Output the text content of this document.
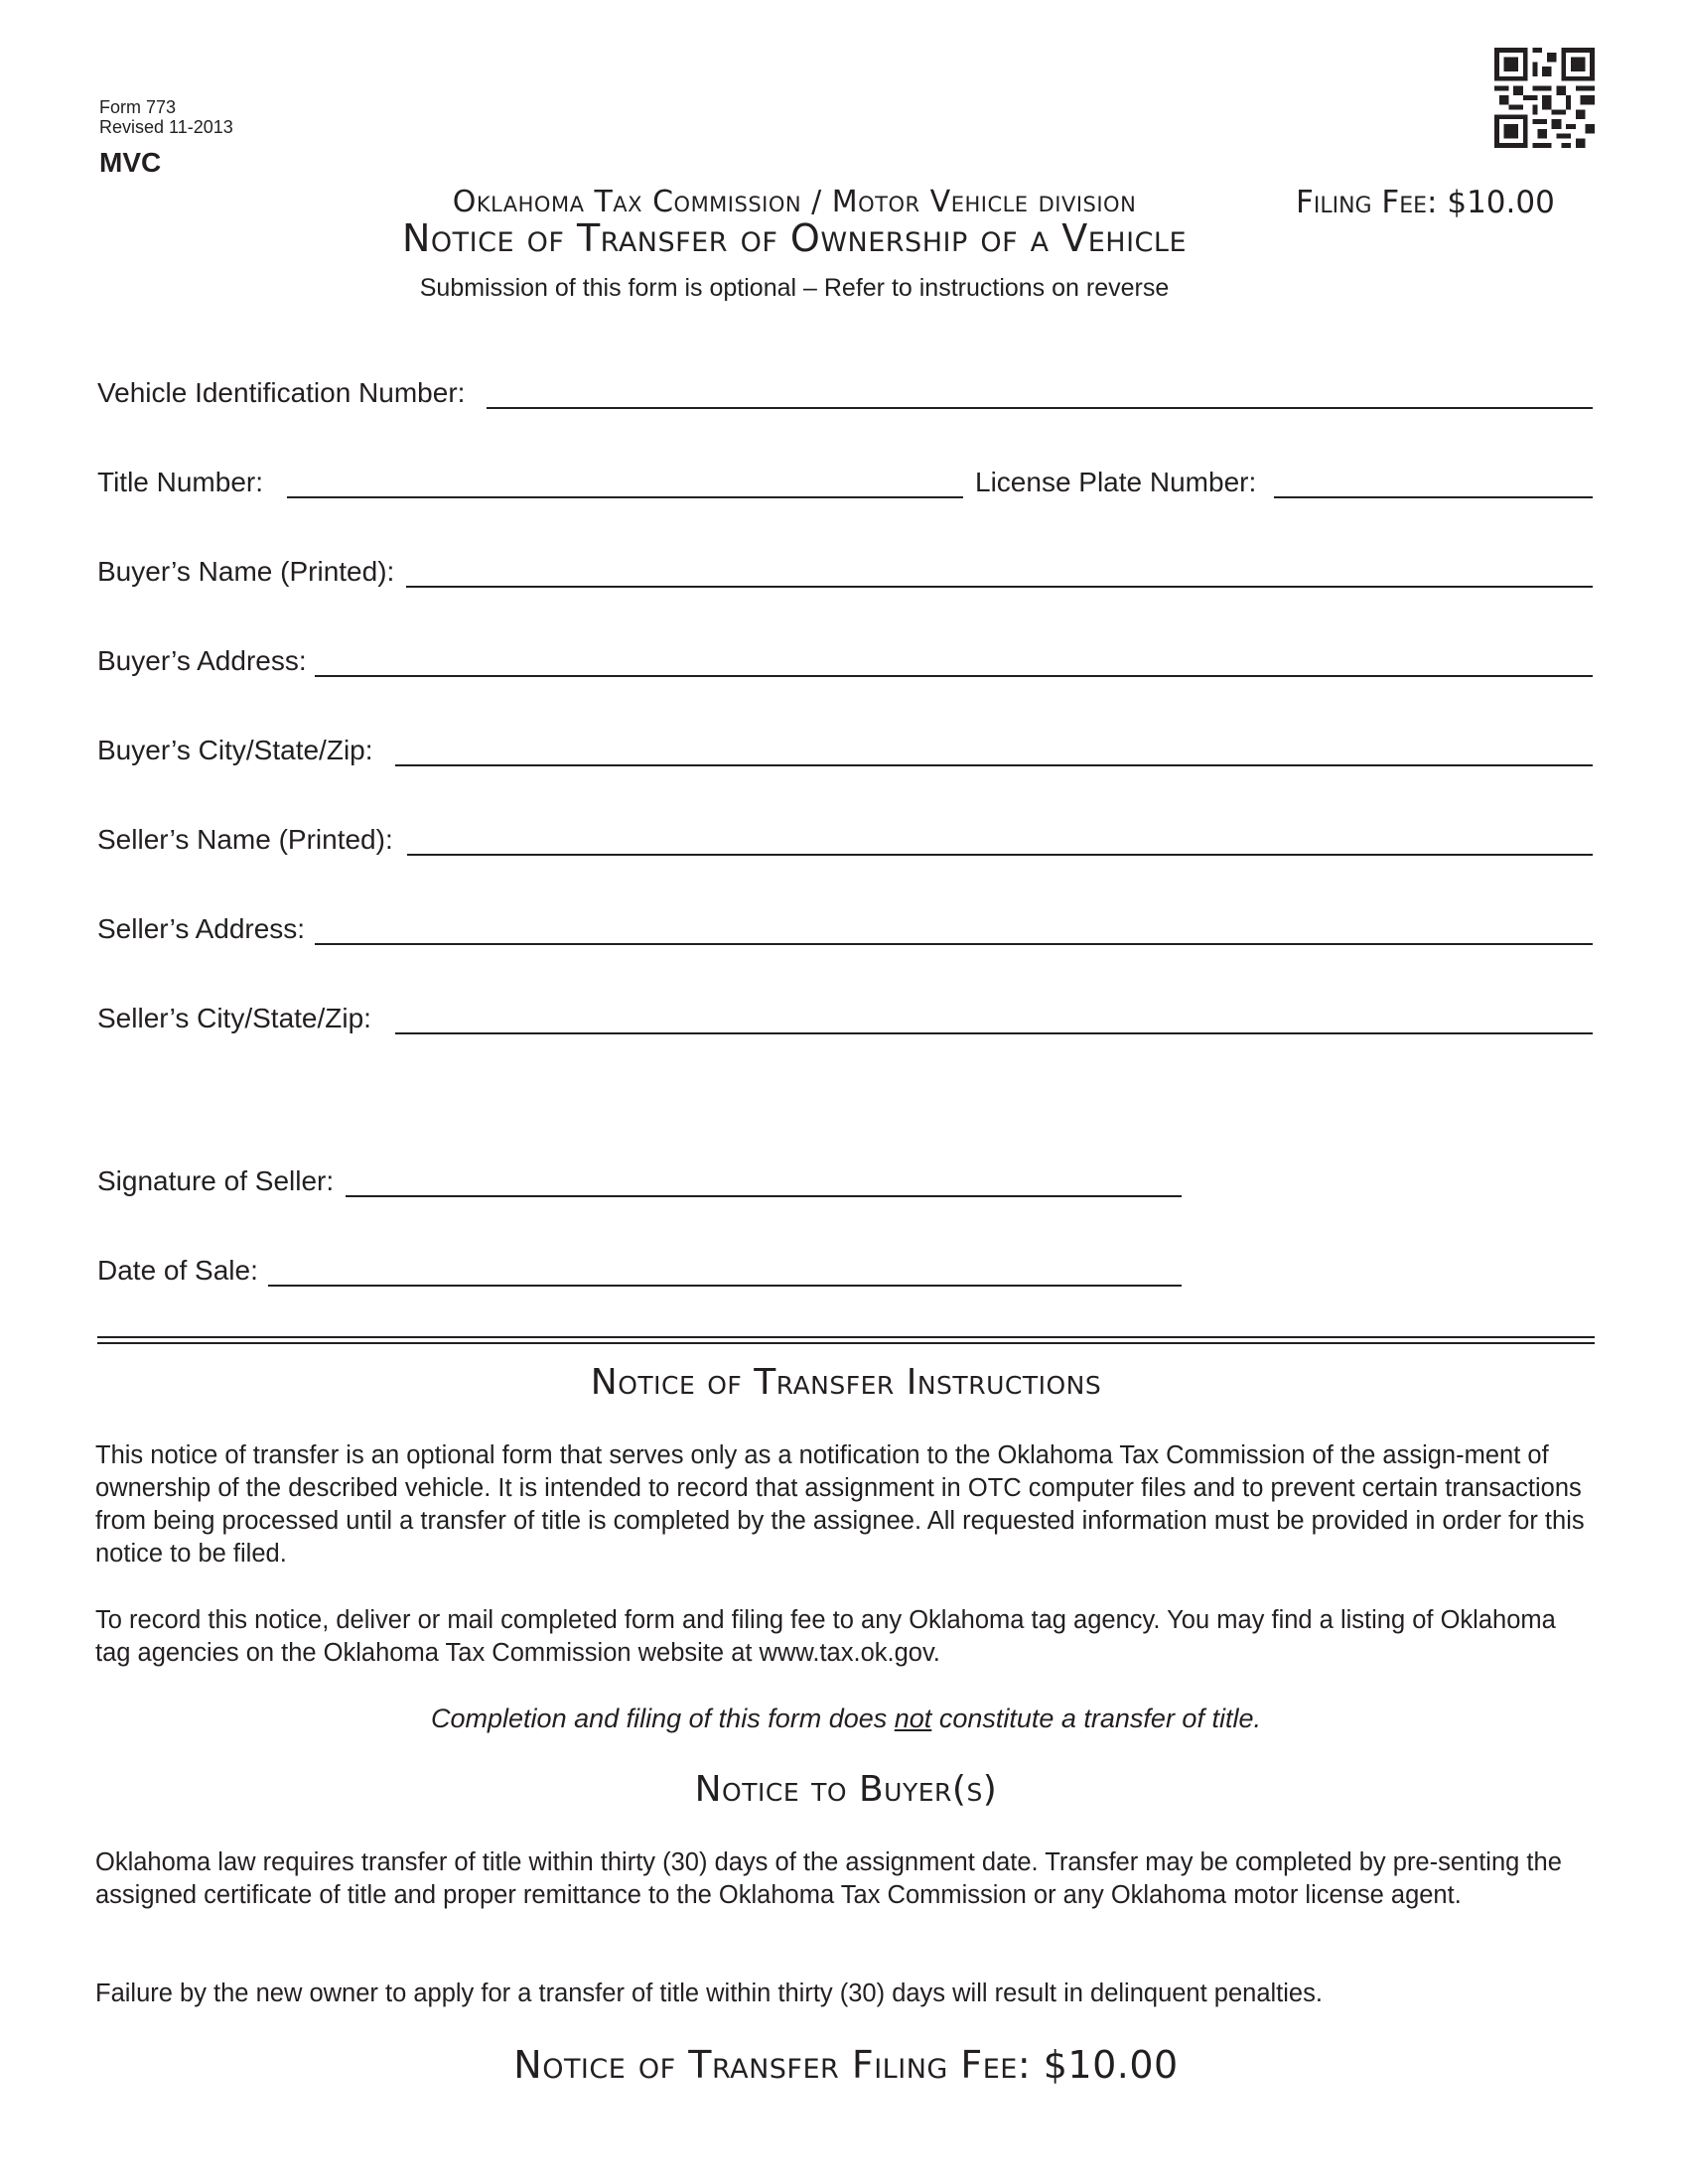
Form 773
Revised 11-2013
MVC
Oklahoma Tax Commission / Motor Vehicle division	Filing Fee: $10.00
Notice of Transfer of Ownership of a Vehicle
Submission of this form is optional – Refer to instructions on reverse
Vehicle Identification Number:
Title Number:	License Plate Number:
Buyer’s Name (Printed):
Buyer’s Address:
Buyer’s City/State/Zip:
Seller’s Name (Printed):
Seller’s Address:
Seller’s City/State/Zip:
Signature of Seller:
Date of Sale:
Notice of Transfer Instructions
This notice of transfer is an optional form that serves only as a notification to the Oklahoma Tax Commission of the assign-ment of ownership of the described vehicle. It is intended to record that assignment in OTC computer files and to prevent certain transactions from being processed until a transfer of title is completed by the assignee. All requested information must be provided in order for this notice to be filed.
To record this notice, deliver or mail completed form and filing fee to any Oklahoma tag agency. You may find a listing of Oklahoma tag agencies on the Oklahoma Tax Commission website at www.tax.ok.gov.
Completion and filing of this form does not constitute a transfer of title.
Notice to Buyer(s)
Oklahoma law requires transfer of title within thirty (30) days of the assignment date. Transfer may be completed by pre-senting the assigned certificate of title and proper remittance to the Oklahoma Tax Commission or any Oklahoma motor license agent.
Failure by the new owner to apply for a transfer of title within thirty (30) days will result in delinquent penalties.
Notice of Transfer Filing Fee: $10.00
